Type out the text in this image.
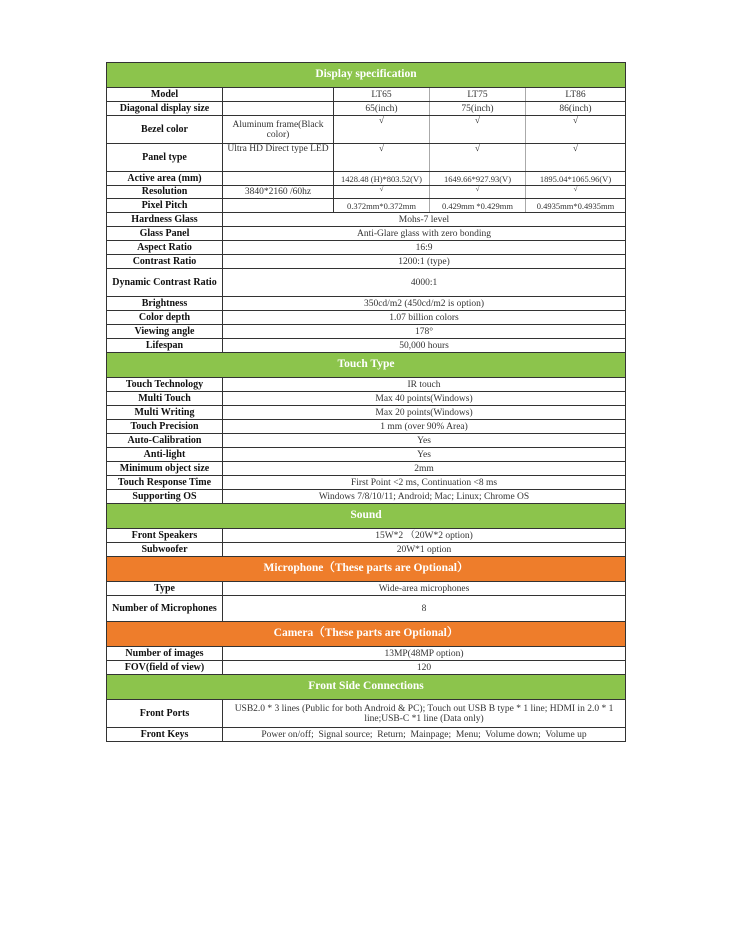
Display specification				
Model		LT65	LT75	LT86
Diagonal display size		65(inch)	75(inch)	86(inch)
Bezel color	Aluminum frame(Black color)	√	√	√
Panel type	Ultra HD Direct type LED	√	√	√
Active area (mm)		1428.48 (H)*803.52(V)	1649.66*927.93(V)	1895.04*1065.96(V)
Resolution	3840*2160 /60hz	√	√	√
Pixel Pitch		0.372mm*0.372mm	0.429mm *0.429mm	0.4935mm*0.4935mm
Hardness Glass	Mohs-7 level			
Glass Panel	Anti-Glare glass with zero bonding			
Aspect Ratio	16:9			
Contrast Ratio	1200:1 (type)			
Dynamic Contrast Ratio	4000:1			
Brightness	350cd/m2 (450cd/m2 is option)			
Color depth	1.07 billion colors			
Viewing angle	178°			
Lifespan	50,000 hours			
Touch Type				
Touch Technology	IR touch			
Multi Touch	Max 40 points(Windows)			
Multi Writing	Max 20 points(Windows)			
Touch Precision	1 mm (over 90% Area)			
Auto-Calibration	Yes			
Anti-light	Yes			
Minimum object size	2mm			
Touch Response Time	First Point <2 ms, Continuation <8 ms			
Supporting OS	Windows 7/8/10/11; Android; Mac; Linux; Chrome OS			
Sound				
Front Speakers	15W*2 （20W*2 option)			
Subwoofer	20W*1 option			
Microphone（These parts are Optional）				
Type	Wide-area microphones			
Number of Microphones	8			
Camera（These parts are Optional）				
Number of images	13MP(48MP option)			
FOV(field of view)	120			
Front Side Connections				
Front Ports	USB2.0 * 3 lines (Public for both Android & PC); Touch out USB B type * 1 line; HDMI in 2.0 * 1 line;USB-C *1 line (Data only)			
Front Keys	Power on/off;  Signal source;  Return;  Mainpage;  Menu;  Volume down;  Volume up			
